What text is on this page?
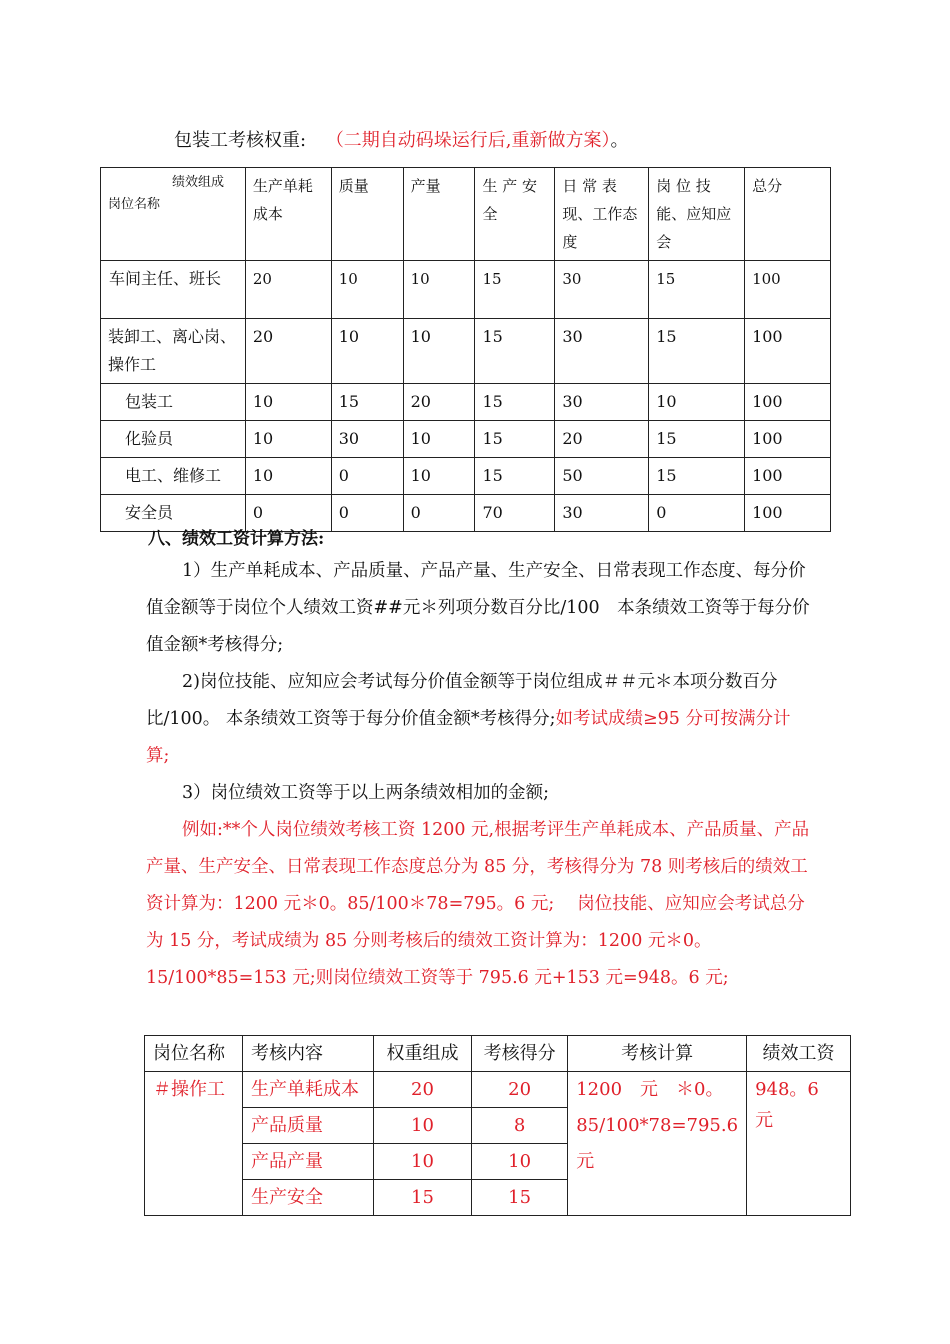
包装工考核权重: （二期自动码垛运行后,重新做方案）。
绩效组成
岗位名称	生产单耗成本	质量	产量	生 产 安全	日 常 表现、工作态度	岗 位 技能、应知应会	总分
车间主任、班长	20	10	10	15	30	15	100
装卸工、离心岗、 操作工	20	10	10	15	30	15	100
包装工	10	15	20	15	30	10	100
化验员	10	30	10	15	20	15	100
电工、维修工	10	0	10	15	50	15	100
安全员	0	0	0	70	30	0	100
八、绩效工资计算方法:

1）生产单耗成本、产品质量、产品产量、生产安全、日常表现工作态度、每分价值金额等于岗位个人绩效工资##元＊列项分数百分比/100　本条绩效工资等于每分价值金额*考核得分;

2)岗位技能、应知应会考试每分价值金额等于岗位组成＃＃元＊本项分数百分比/100。 本条绩效工资等于每分价值金额*考核得分;如考试成绩≥95 分可按满分计算;

3）岗位绩效工资等于以上两条绩效相加的金额;

例如:**个人岗位绩效考核工资 1200 元,根据考评生产单耗成本、产品质量、产品产量、生产安全、日常表现工作态度总分为 85 分，考核得分为 78 则考核后的绩效工资计算为：1200 元＊0。85/100＊78=795。6 元;　 岗位技能、应知应会考试总分为 15 分，考试成绩为 85 分则考核后的绩效工资计算为：1200 元＊0。15/100*85=153 元;则岗位绩效工资等于 795.6 元+153 元=948。6 元;

岗位名称	考核内容	权重组成	考核得分	考核计算	绩效工资
＃操作工	生产单耗成本	20	20	1200　元　＊0。85/100*78=795.6 元	948。6 元
	产品质量	10	8		
	产品产量	10	10		
	生产安全	15	15		
